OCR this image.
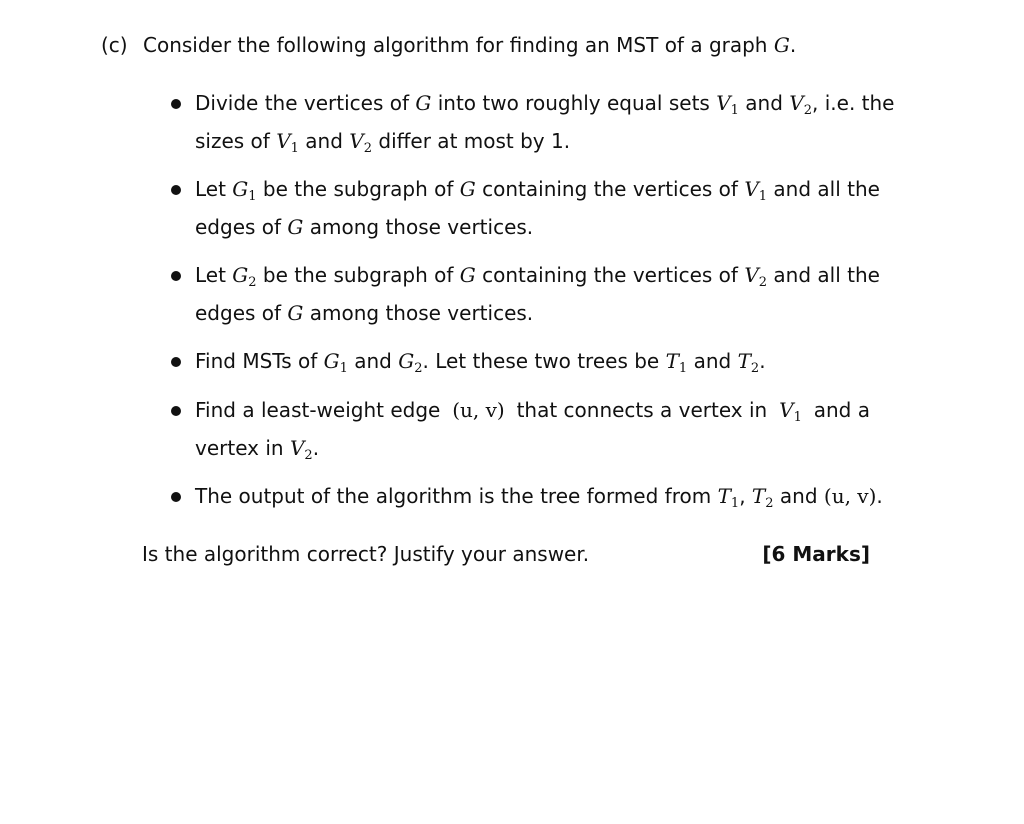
(c) Consider the following algorithm for finding an MST of a graph G.
Divide the vertices of G into two roughly equal sets $V_1$ and $V_2$, i.e. the
sizes of $V_1$ and $V_2$ differ at most by 1.
Let $G_1$ be the subgraph of G containing the vertices of $V_1$ and all the
edges of G among those vertices.
Let $G_2$ be the subgraph of G containing the vertices of $V_2$ and all the
edges of G among those vertices.
Find MSTs of $G_1$ and $G_2$. Let these two trees be $T_1$ and $T_2$.
Find a least-weight edge (u, v) that connects a vertex in $V_1$ and a
vertex in $V_2$.
The output of the algorithm is the tree formed from $T_1$, $T_2$ and (u, v).
Is the algorithm correct? Justify your answer.	[6 Marks]
